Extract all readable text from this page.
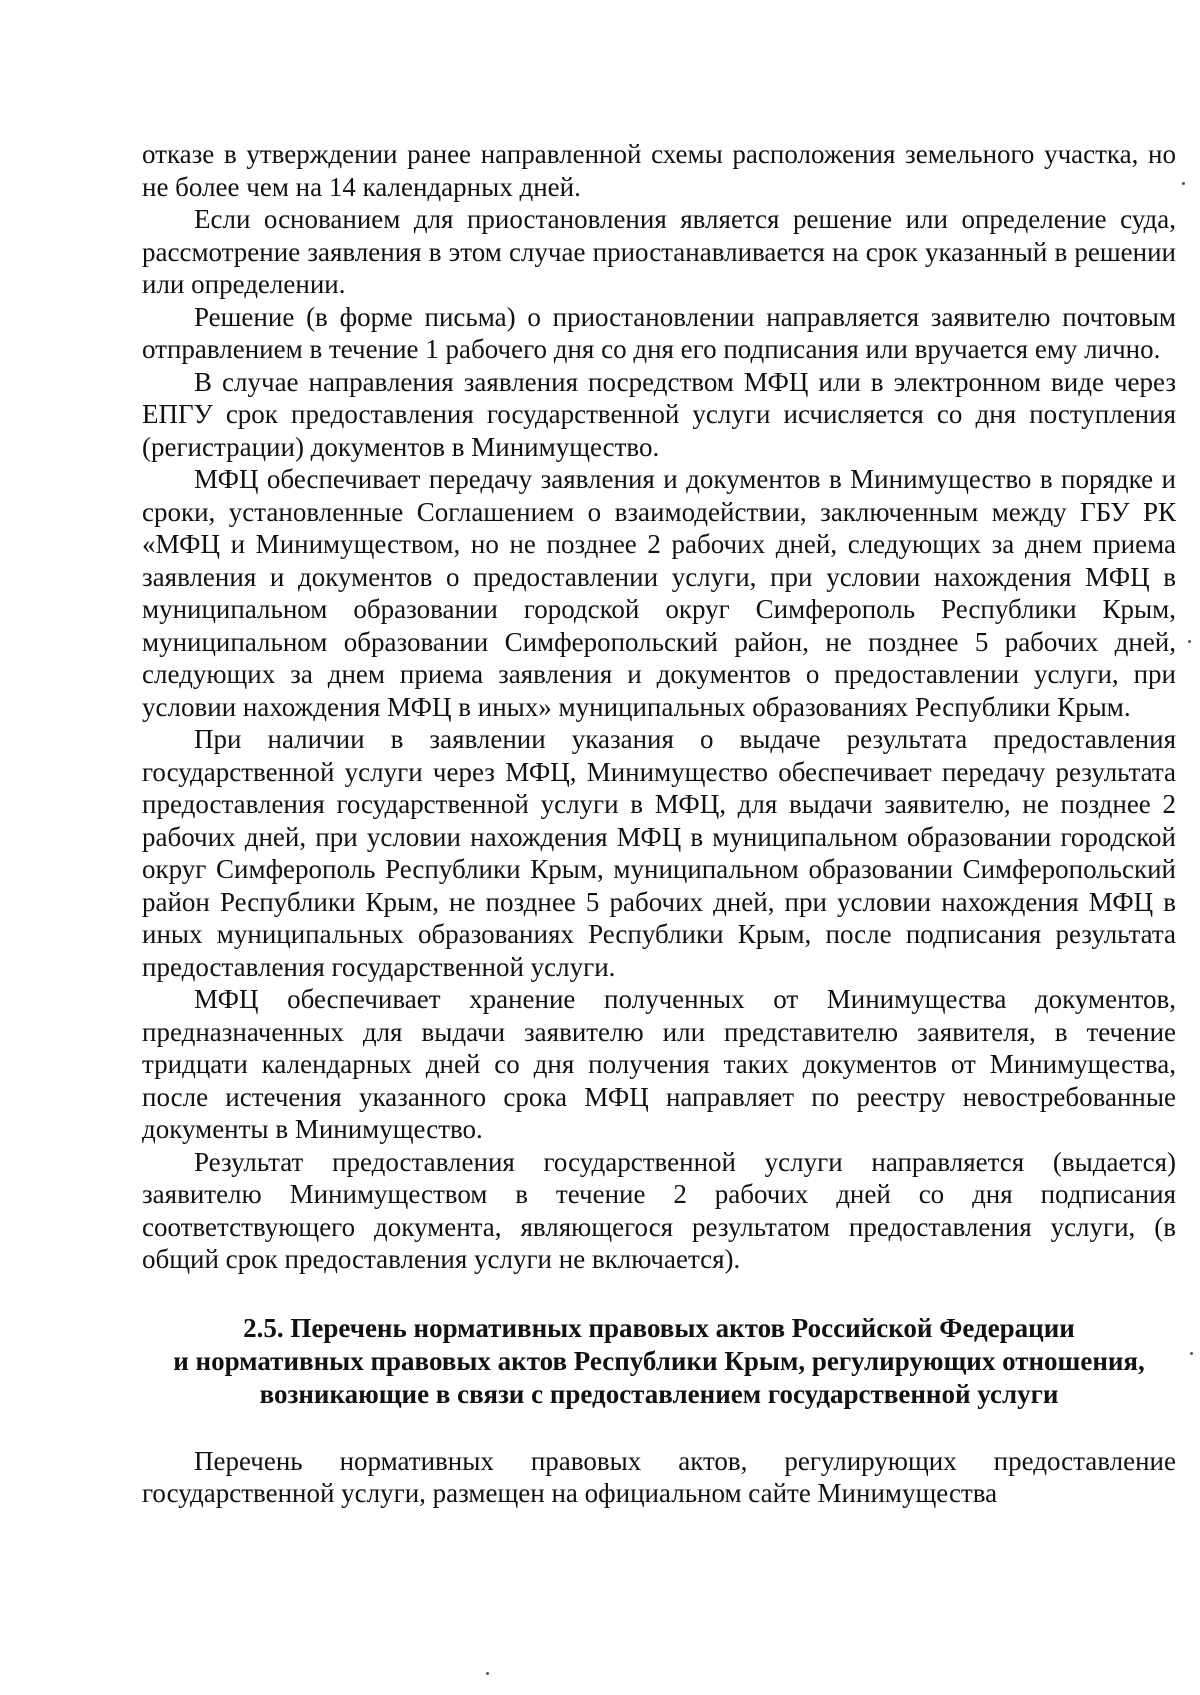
отказе в утверждении ранее направленной схемы расположения земельного участка, но не более чем на 14 календарных дней.

Если основанием для приостановления является решение или определение суда, рассмотрение заявления в этом случае приостанавливается на срок указанный в решении или определении.

Решение (в форме письма) о приостановлении направляется заявителю почтовым отправлением в течение 1 рабочего дня со дня его подписания или вручается ему лично.

В случае направления заявления посредством МФЦ или в электронном виде через ЕПГУ срок предоставления государственной услуги исчисляется со дня поступления (регистрации) документов в Минимущество.

МФЦ обеспечивает передачу заявления и документов в Минимущество в порядке и сроки, установленные Соглашением о взаимодействии, заключенным между ГБУ РК «МФЦ и Минимуществом, но не позднее 2 рабочих дней, следующих за днем приема заявления и документов о предоставлении услуги, при условии нахождения МФЦ в муниципальном образовании городской округ Симферополь Республики Крым, муниципальном образовании Симферопольский район, не позднее 5 рабочих дней, следующих за днем приема заявления и документов о предоставлении услуги, при условии нахождения МФЦ в иных» муниципальных образованиях Республики Крым.

При наличии в заявлении указания о выдаче результата предоставления государственной услуги через МФЦ, Минимущество обеспечивает передачу результата предоставления государственной услуги в МФЦ, для выдачи заявителю, не позднее 2 рабочих дней, при условии нахождения МФЦ в муниципальном образовании городской округ Симферополь Республики Крым, муниципальном образовании Симферопольский район Республики Крым, не позднее 5 рабочих дней, при условии нахождения МФЦ в иных муниципальных образованиях Республики Крым, после подписания результата предоставления государственной услуги.

МФЦ обеспечивает хранение полученных от Минимущества документов, предназначенных для выдачи заявителю или представителю заявителя, в течение тридцати календарных дней со дня получения таких документов от Минимущества, после истечения указанного срока МФЦ направляет по реестру невостребованные документы в Минимущество.

Результат предоставления государственной услуги направляется (выдается) заявителю Минимуществом в течение 2 рабочих дней со дня подписания соответствующего документа, являющегося результатом предоставления услуги, (в общий срок предоставления услуги не включается).

2.5. Перечень нормативных правовых актов Российской Федерации
и нормативных правовых актов Республики Крым, регулирующих отношения,
возникающие в связи с предоставлением государственной услуги

Перечень нормативных правовых актов, регулирующих предоставление государственной услуги, размещен на официальном сайте Минимущества
